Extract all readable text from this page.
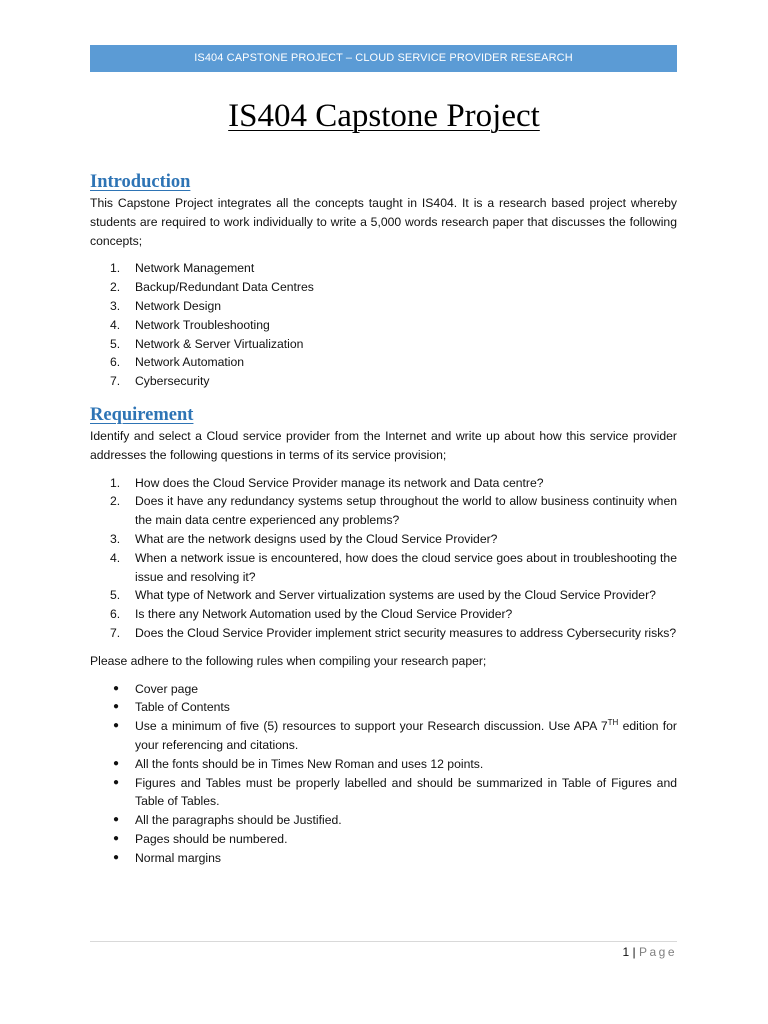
IS404 CAPSTONE PROJECT – CLOUD SERVICE PROVIDER RESEARCH
IS404 Capstone Project
Introduction

This Capstone Project integrates all the concepts taught in IS404. It is a research based project whereby students are required to work individually to write a 5,000 words research paper that discusses the following concepts;

1. Network Management
2. Backup/Redundant Data Centres
3. Network Design
4. Network Troubleshooting
5. Network & Server Virtualization
6. Network Automation
7. Cybersecurity
Requirement

Identify and select a Cloud service provider from the Internet and write up about how this service provider addresses the following questions in terms of its service provision;

1. How does the Cloud Service Provider manage its network and Data centre?
2. Does it have any redundancy systems setup throughout the world to allow business continuity when the main data centre experienced any problems?
3. What are the network designs used by the Cloud Service Provider?
4. When a network issue is encountered, how does the cloud service goes about in troubleshooting the issue and resolving it?
5. What type of Network and Server virtualization systems are used by the Cloud Service Provider?
6. Is there any Network Automation used by the Cloud Service Provider?
7. Does the Cloud Service Provider implement strict security measures to address Cybersecurity risks?

Please adhere to the following rules when compiling your research paper;

● Cover page
● Table of Contents
● Use a minimum of five (5) resources to support your Research discussion. Use APA 7TH edition for your referencing and citations.
● All the fonts should be in Times New Roman and uses 12 points.
● Figures and Tables must be properly labelled and should be summarized in Table of Figures and Table of Tables.
● All the paragraphs should be Justified.
● Pages should be numbered.
● Normal margins
1 | Page
